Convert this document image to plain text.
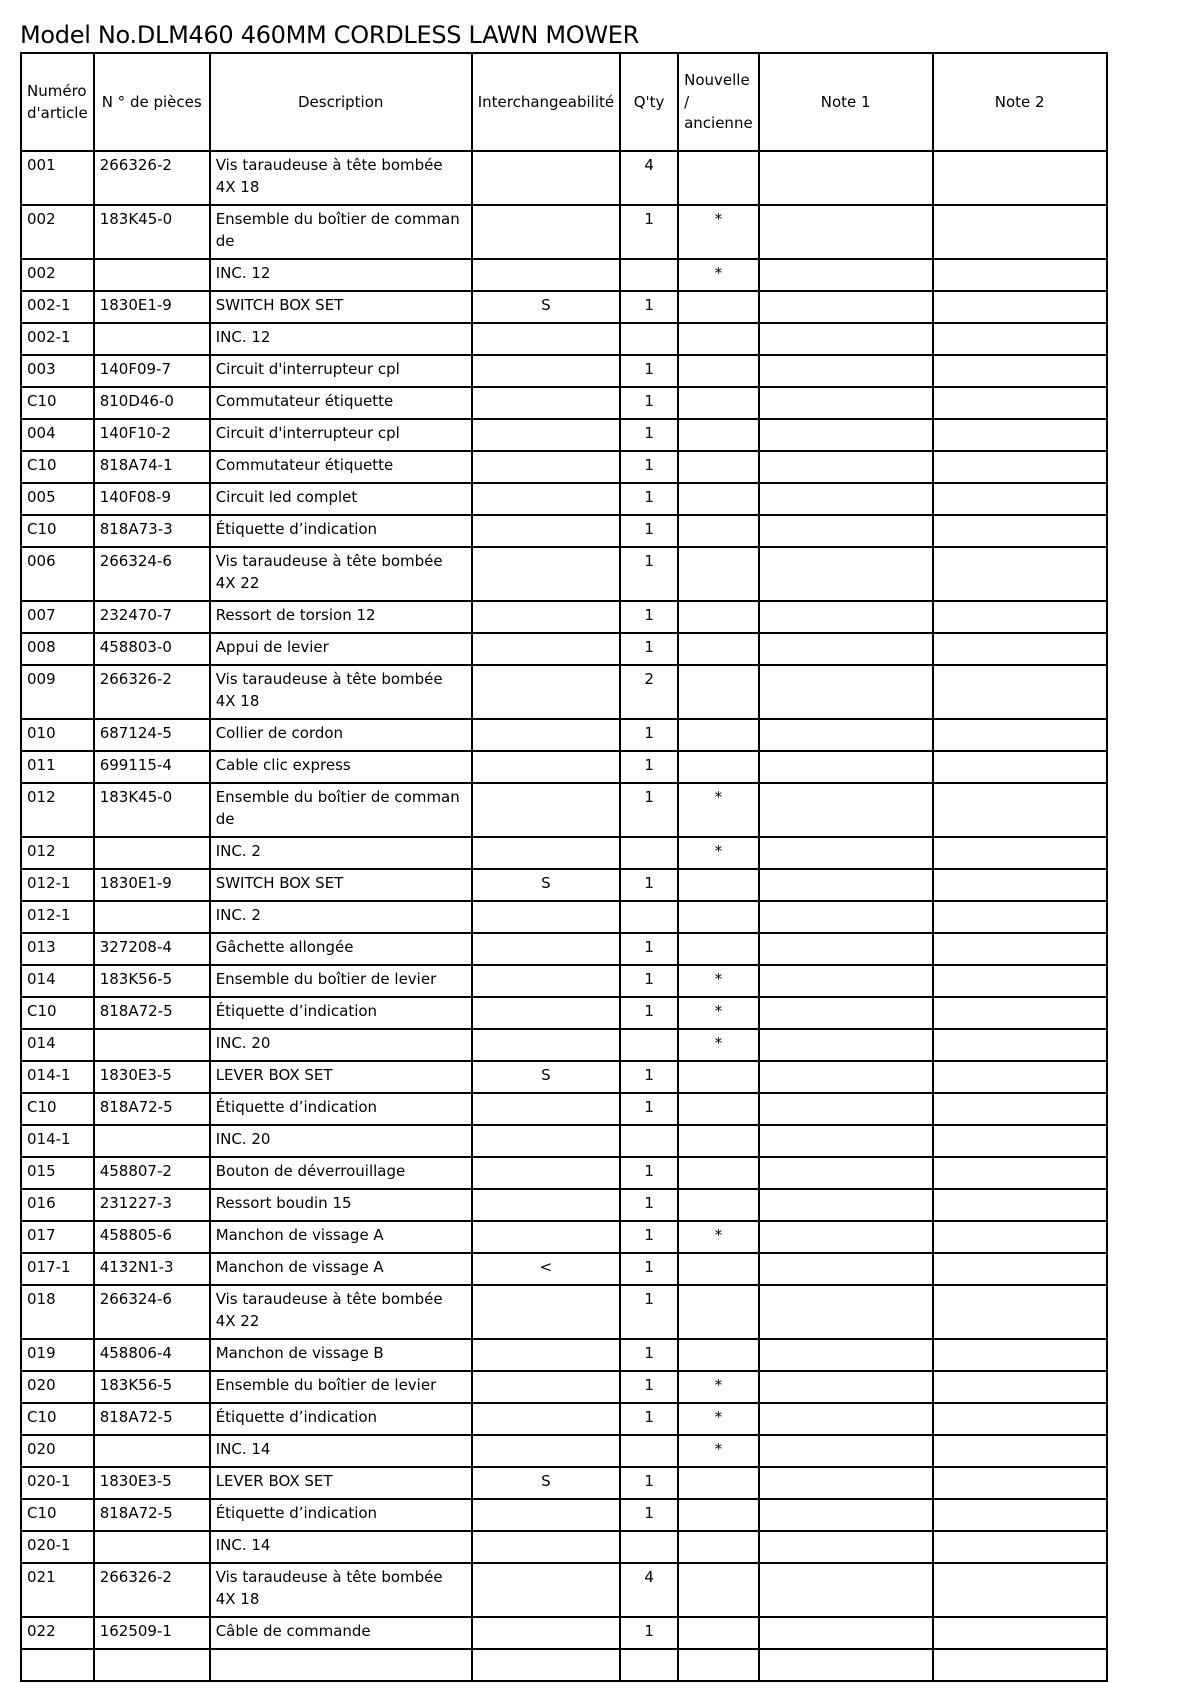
Model No.DLM460 460MM CORDLESS LAWN MOWER
Numéro d'article	N ° de pièces	Description	Interchangeabilité	Q'ty	Nouvelle / ancienne	Note 1	Note 2
001	266326-2	Vis taraudeuse à tête bombée 4X 18		4			
002	183K45-0	Ensemble du boîtier de comman de		1	*		
002		INC. 12			*		
002-1	1830E1-9	SWITCH BOX SET	S	1			
002-1		INC. 12					
003	140F09-7	Circuit d'interrupteur cpl		1			
C10	810D46-0	Commutateur étiquette		1			
004	140F10-2	Circuit d'interrupteur cpl		1			
C10	818A74-1	Commutateur étiquette		1			
005	140F08-9	Circuit led complet		1			
C10	818A73-3	Étiquette d’indication		1			
006	266324-6	Vis taraudeuse à tête bombée 4X 22		1			
007	232470-7	Ressort de torsion 12		1			
008	458803-0	Appui de levier		1			
009	266326-2	Vis taraudeuse à tête bombée 4X 18		2			
010	687124-5	Collier de cordon		1			
011	699115-4	Cable clic express		1			
012	183K45-0	Ensemble du boîtier de comman de		1	*		
012		INC. 2			*		
012-1	1830E1-9	SWITCH BOX SET	S	1			
012-1		INC. 2					
013	327208-4	Gâchette allongée		1			
014	183K56-5	Ensemble du boîtier de levier		1	*		
C10	818A72-5	Étiquette d’indication		1	*		
014		INC. 20			*		
014-1	1830E3-5	LEVER BOX SET	S	1			
C10	818A72-5	Étiquette d’indication		1			
014-1		INC. 20					
015	458807-2	Bouton de déverrouillage		1			
016	231227-3	Ressort boudin 15		1			
017	458805-6	Manchon de vissage A		1	*		
017-1	4132N1-3	Manchon de vissage A	<	1			
018	266324-6	Vis taraudeuse à tête bombée 4X 22		1			
019	458806-4	Manchon de vissage B		1			
020	183K56-5	Ensemble du boîtier de levier		1	*		
C10	818A72-5	Étiquette d’indication		1	*		
020		INC. 14			*		
020-1	1830E3-5	LEVER BOX SET	S	1			
C10	818A72-5	Étiquette d’indication		1			
020-1		INC. 14					
021	266326-2	Vis taraudeuse à tête bombée 4X 18		4			
022	162509-1	Câble de commande		1			
